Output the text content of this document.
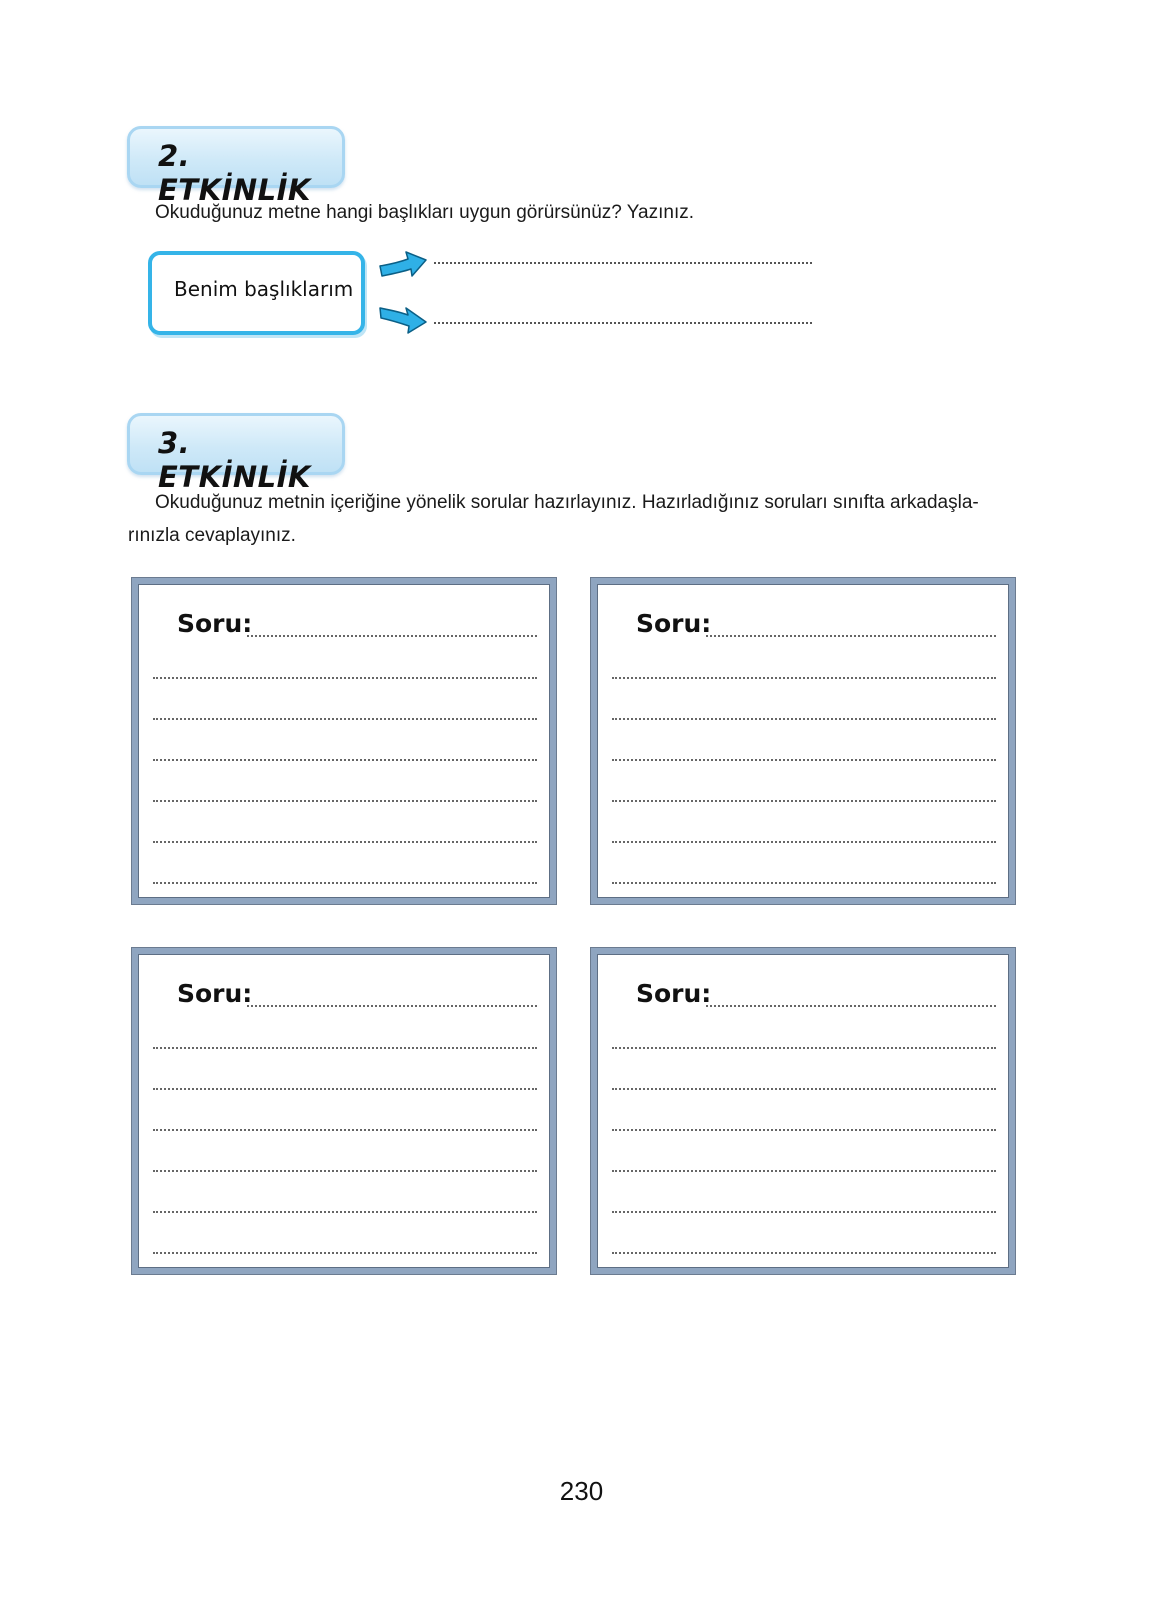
2. ETKİNLİK

Okuduğunuz metne hangi başlıkları uygun görürsünüz? Yazınız.

Benim başlıklarım
3. ETKİNLİK

Okuduğunuz metnin içeriğine yönelik sorular hazırlayınız. Hazırladığınız soruları sınıfta arkadaşla-

rınızla cevaplayınız.

Soru:	Soru:
Soru:	Soru:
230
